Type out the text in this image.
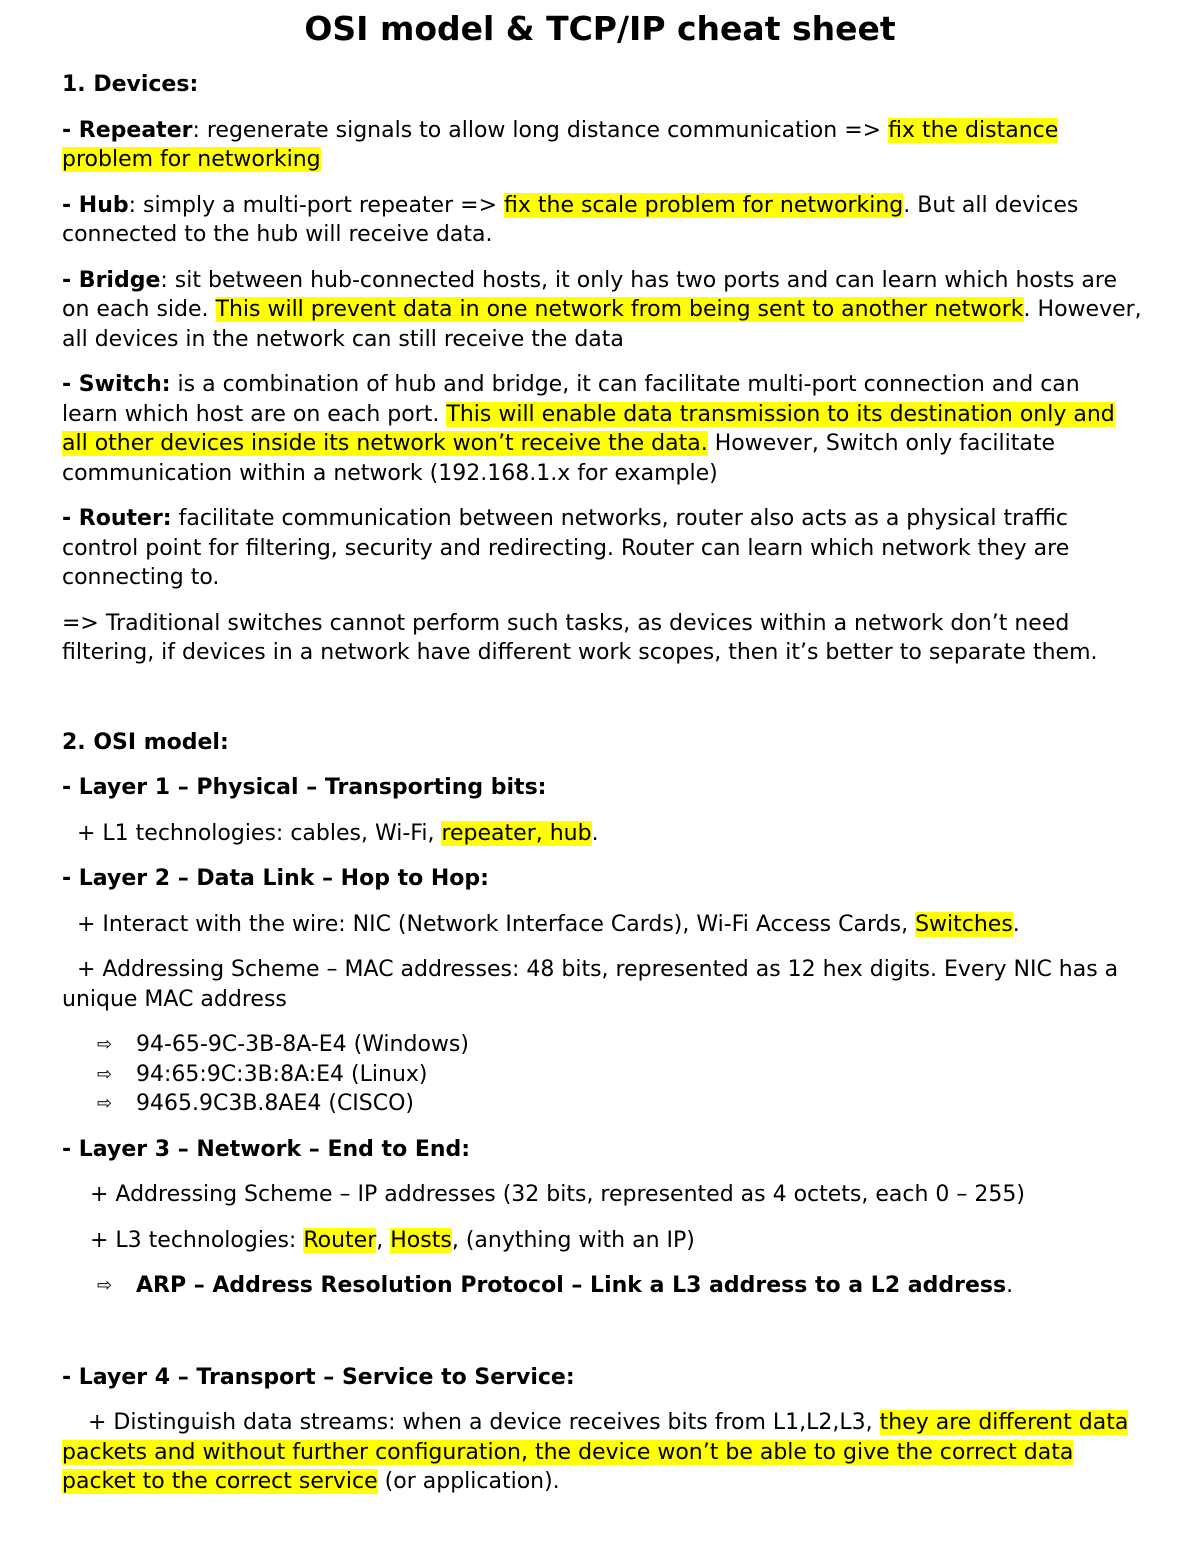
OSI model & TCP/IP cheat sheet

1. Devices:

- Repeater: regenerate signals to allow long distance communication => fix the distance problem for networking

- Hub: simply a multi-port repeater => fix the scale problem for networking. But all devices connected to the hub will receive data.

- Bridge: sit between hub-connected hosts, it only has two ports and can learn which hosts are on each side. This will prevent data in one network from being sent to another network. However, all devices in the network can still receive the data

- Switch: is a combination of hub and bridge, it can facilitate multi-port connection and can learn which host are on each port. This will enable data transmission to its destination only and all other devices inside its network won’t receive the data. However, Switch only facilitate communication within a network (192.168.1.x for example)

- Router: facilitate communication between networks, router also acts as a physical traffic control point for filtering, security and redirecting. Router can learn which network they are connecting to.

=> Traditional switches cannot perform such tasks, as devices within a network don’t need filtering, if devices in a network have different work scopes, then it’s better to separate them.

2. OSI model:

- Layer 1 – Physical – Transporting bits:

+ L1 technologies: cables, Wi-Fi, repeater, hub.

- Layer 2 – Data Link – Hop to Hop:

+ Interact with the wire: NIC (Network Interface Cards), Wi-Fi Access Cards, Switches.

+ Addressing Scheme – MAC addresses: 48 bits, represented as 12 hex digits. Every NIC has a unique MAC address

⇨	94-65-9C-3B-8A-E4 (Windows)
⇨	94:65:9C:3B:8A:E4 (Linux)
⇨	9465.9C3B.8AE4 (CISCO)

- Layer 3 – Network – End to End:

+ Addressing Scheme – IP addresses (32 bits, represented as 4 octets, each 0 – 255)

+ L3 technologies: Router, Hosts, (anything with an IP)

⇨	ARP – Address Resolution Protocol – Link a L3 address to a L2 address.

- Layer 4 – Transport – Service to Service:

+ Distinguish data streams: when a device receives bits from L1,L2,L3, they are different data packets and without further configuration, the device won’t be able to give the correct data packet to the correct service (or application).
